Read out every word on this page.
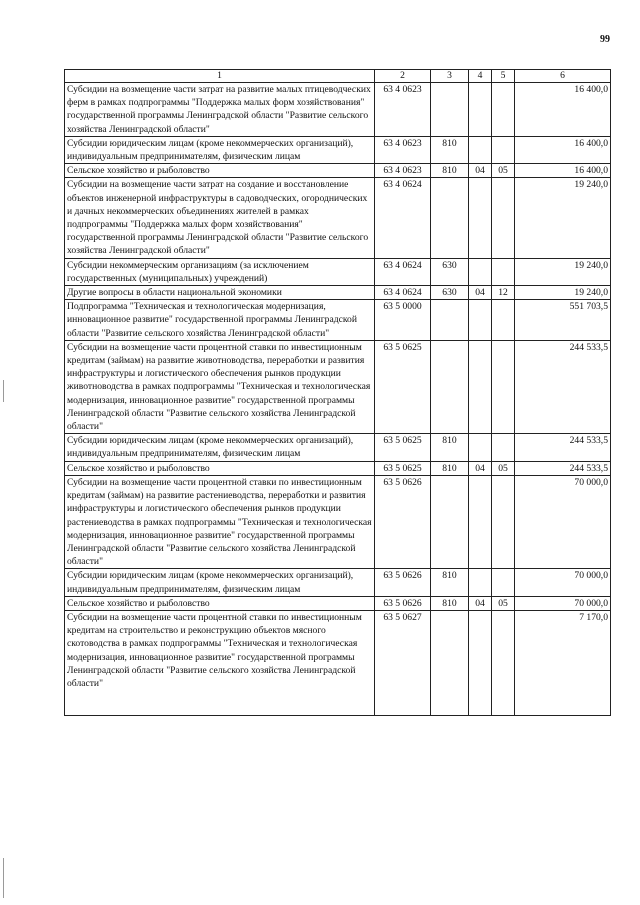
99
1	2	3	4	5	6
Субсидии на возмещение части затрат на развитие малых птицеводческих ферм в рамках подпрограммы "Поддержка малых форм хозяйствования" государственной программы Ленинградской области "Развитие сельского хозяйства Ленинградской области"	63 4 0623				16 400,0
Субсидии юридическим лицам (кроме некоммерческих организаций), индивидуальным предпринимателям, физическим лицам	63 4 0623	810			16 400,0
Сельское хозяйство и рыболовство	63 4 0623	810	04	05	16 400,0
Субсидии на возмещение части затрат на создание и восстановление объектов инженерной инфраструктуры в садоводческих, огороднических и дачных некоммерческих объединениях жителей в рамках подпрограммы "Поддержка малых форм хозяйствования" государственной программы Ленинградской области "Развитие сельского хозяйства Ленинградской области"	63 4 0624				19 240,0
Субсидии некоммерческим организациям (за исключением государственных (муниципальных) учреждений)	63 4 0624	630			19 240,0
Другие вопросы в области национальной экономики	63 4 0624	630	04	12	19 240,0
Подпрограмма "Техническая и технологическая модернизация, инновационное развитие" государственной программы Ленинградской области "Развитие сельского хозяйства Ленинградской области"	63 5 0000				551 703,5
Субсидии на возмещение части процентной ставки по инвестиционным кредитам (займам) на развитие животноводства, переработки и развития инфраструктуры и логистического обеспечения рынков продукции животноводства в рамках подпрограммы "Техническая и технологическая модернизация, инновационное развитие" государственной программы Ленинградской области "Развитие сельского хозяйства Ленинградской области"	63 5 0625				244 533,5
Субсидии юридическим лицам (кроме некоммерческих организаций), индивидуальным предпринимателям, физическим лицам	63 5 0625	810			244 533,5
Сельское хозяйство и рыболовство	63 5 0625	810	04	05	244 533,5
Субсидии на возмещение части процентной ставки по инвестиционным кредитам (займам) на развитие растениеводства, переработки и развития инфраструктуры и логистического обеспечения рынков продукции растениеводства в рамках подпрограммы "Техническая и технологическая модернизация, инновационное развитие" государственной программы Ленинградской области "Развитие сельского хозяйства Ленинградской области"	63 5 0626				70 000,0
Субсидии юридическим лицам (кроме некоммерческих организаций), индивидуальным предпринимателям, физическим лицам	63 5 0626	810			70 000,0
Сельское хозяйство и рыболовство	63 5 0626	810	04	05	70 000,0
Субсидии на возмещение части процентной ставки по инвестиционным кредитам на строительство и реконструкцию объектов мясного скотоводства в рамках подпрограммы "Техническая и технологическая модернизация, инновационное развитие" государственной программы Ленинградской области "Развитие сельского хозяйства Ленинградской области"	63 5 0627				7 170,0
